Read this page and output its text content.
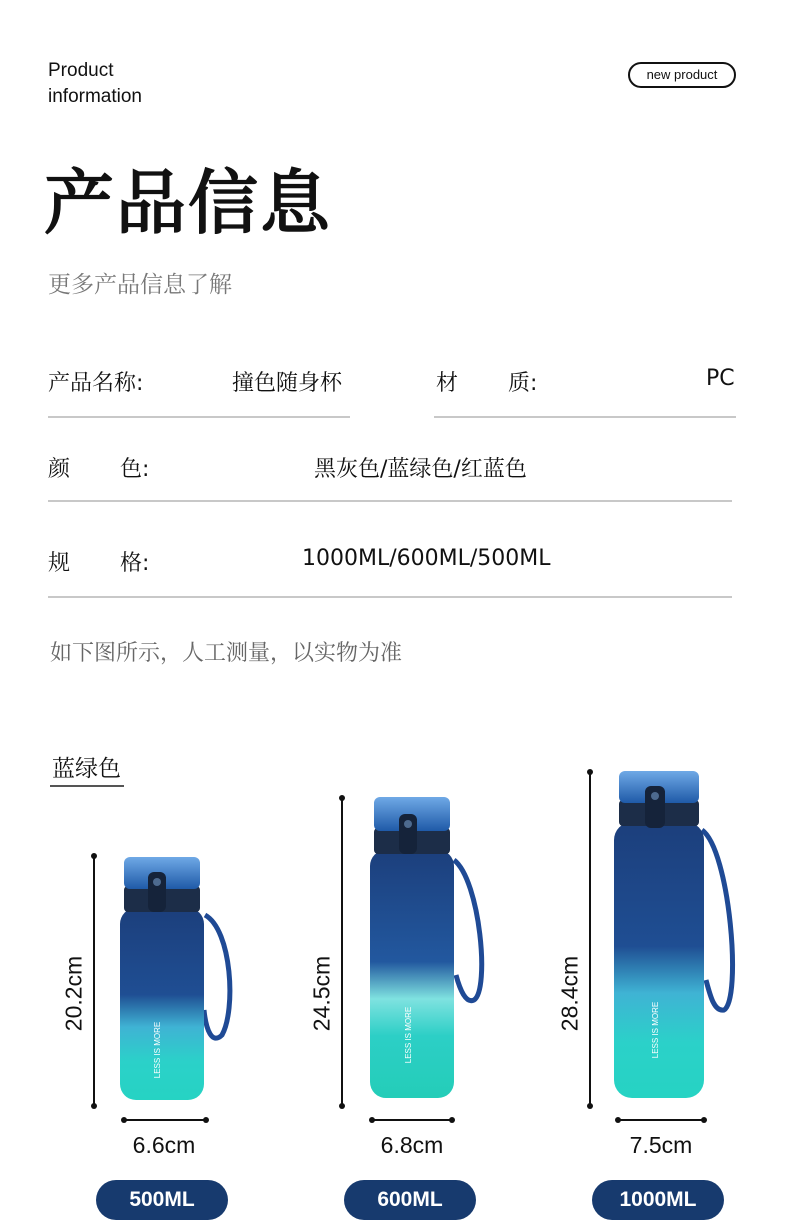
Product
information
new product
产品信息
更多产品信息了解
产品名称:	撞色随身杯	材 质:	PC
颜 色:	黑灰色/蓝绿色/红蓝色
规 格:	1000ML/600ML/500ML
如下图所示，人工测量，以实物为准
蓝绿色
LESS IS MORE	LESS IS MORE	LESS IS MORE
20.2cm	24.5cm	28.4cm
6.6cm	6.8cm	7.5cm
500ML	600ML	1000ML
